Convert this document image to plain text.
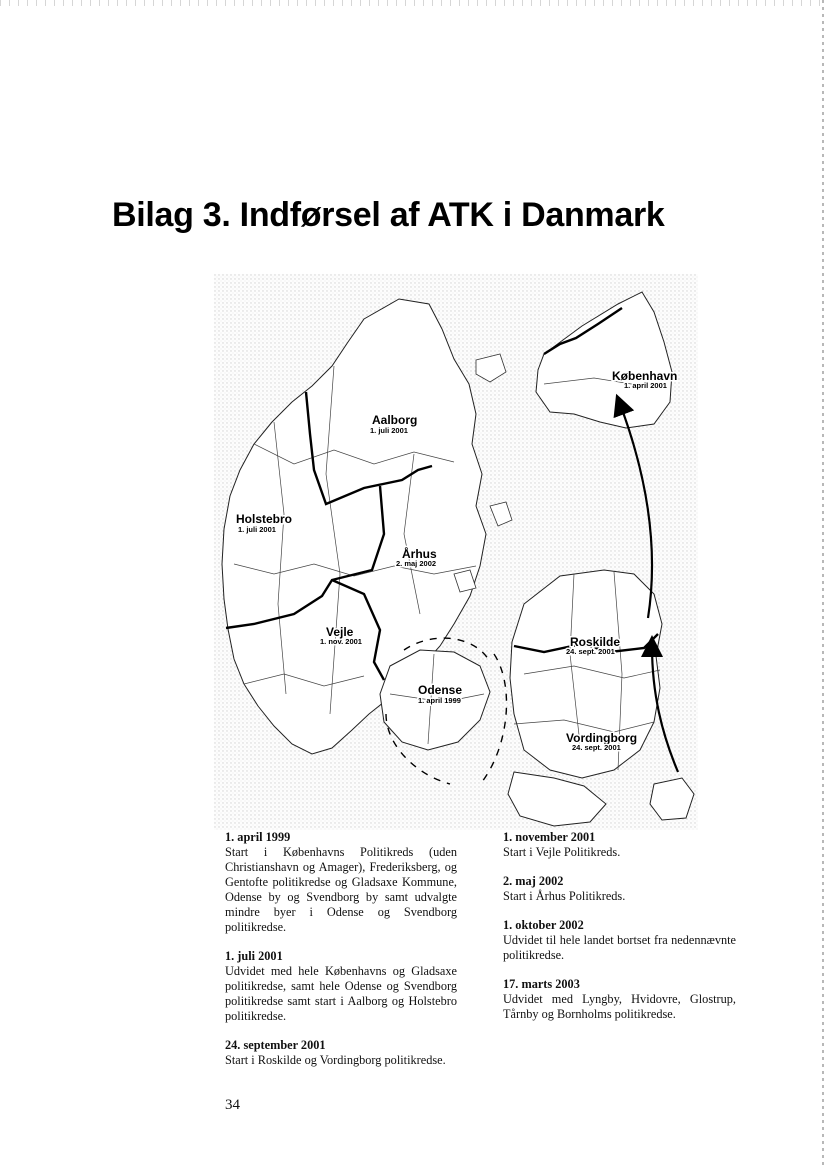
Bilag 3. Indførsel af ATK i Danmark
København
1. april 2001
Aalborg
1. juli 2001
Holstebro
1. juli 2001
Århus
2. maj 2002
Vejle
1. nov. 2001	Roskilde
24. sept. 2001
Odense
1. april 1999
Vordingborg
24. sept. 2001
1. april 1999

Start i Københavns Politikreds (uden Christianshavn og Amager), Frederiksberg, og Gentofte politikredse og Gladsaxe Kommune, Odense by og Svendborg by samt udvalgte mindre byer i Odense og Svendborg politikredse.

1. juli 2001

Udvidet med hele Københavns og Gladsaxe politikredse, samt hele Odense og Svendborg politikredse samt start i Aalborg og Holstebro politikredse.

24. september 2001

Start i Roskilde og Vordingborg politikredse.

1. november 2001

Start i Vejle Politikreds.

2. maj 2002

Start i Århus Politikreds.

1. oktober 2002

Udvidet til hele landet bortset fra nedennævnte politikredse.

17. marts 2003

Udvidet med Lyngby, Hvidovre, Glostrup, Tårnby og Bornholms politikredse.

34
